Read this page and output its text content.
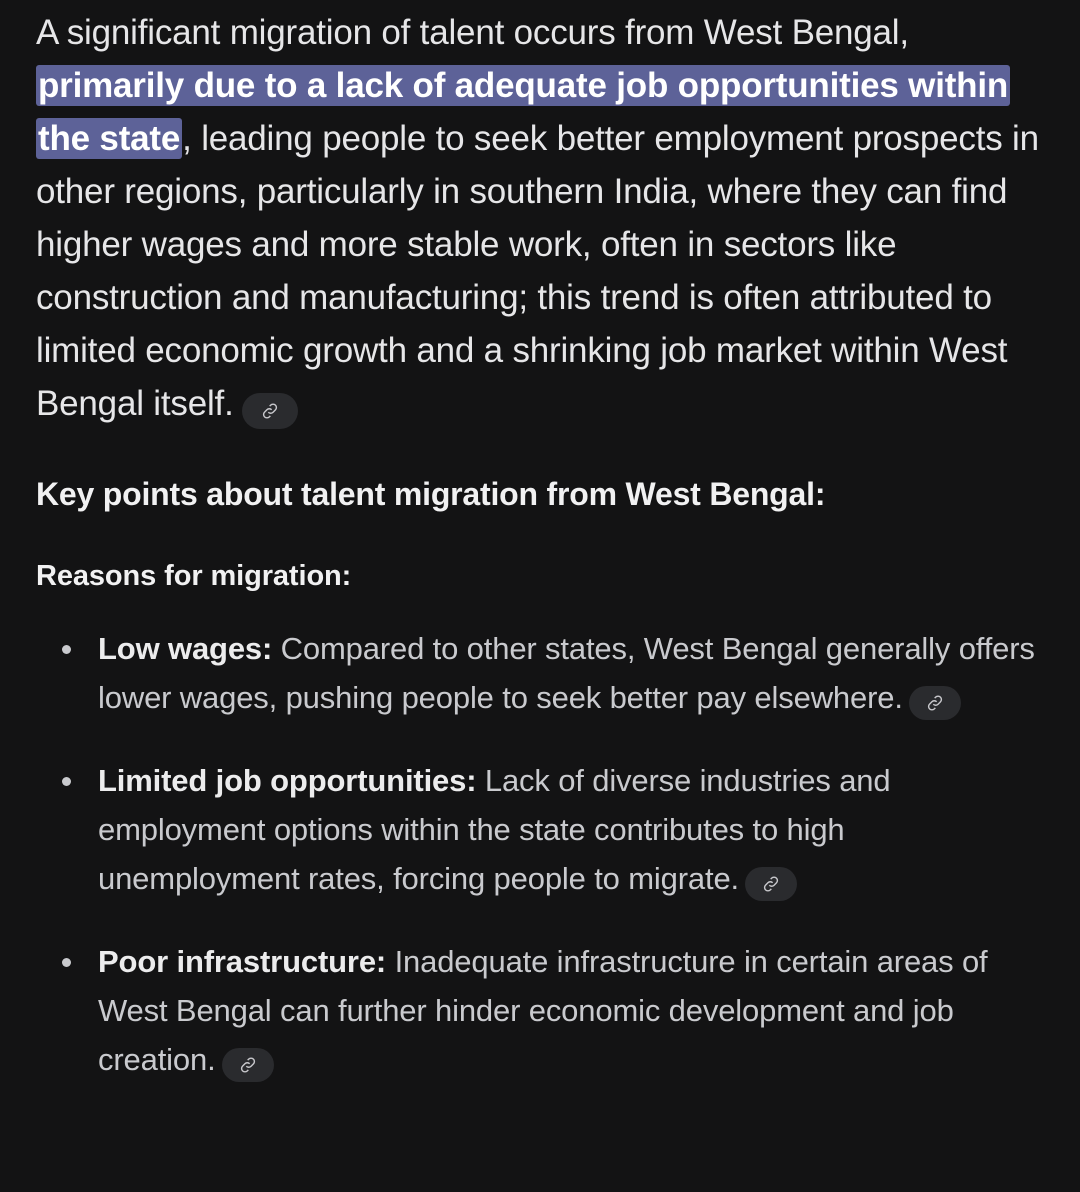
A significant migration of talent occurs from West Bengal, primarily due to a lack of adequate job opportunities within the state, leading people to seek better employment prospects in other regions, particularly in southern India, where they can find higher wages and more stable work, often in sectors like construction and manufacturing; this trend is often attributed to limited economic growth and a shrinking job market within West Bengal itself.

Key points about talent migration from West Bengal:
Reasons for migration:
Low wages: Compared to other states, West Bengal generally offers lower wages, pushing people to seek better pay elsewhere.
Limited job opportunities: Lack of diverse industries and employment options within the state contributes to high unemployment rates, forcing people to migrate.
Poor infrastructure: Inadequate infrastructure in certain areas of West Bengal can further hinder economic development and job creation.
